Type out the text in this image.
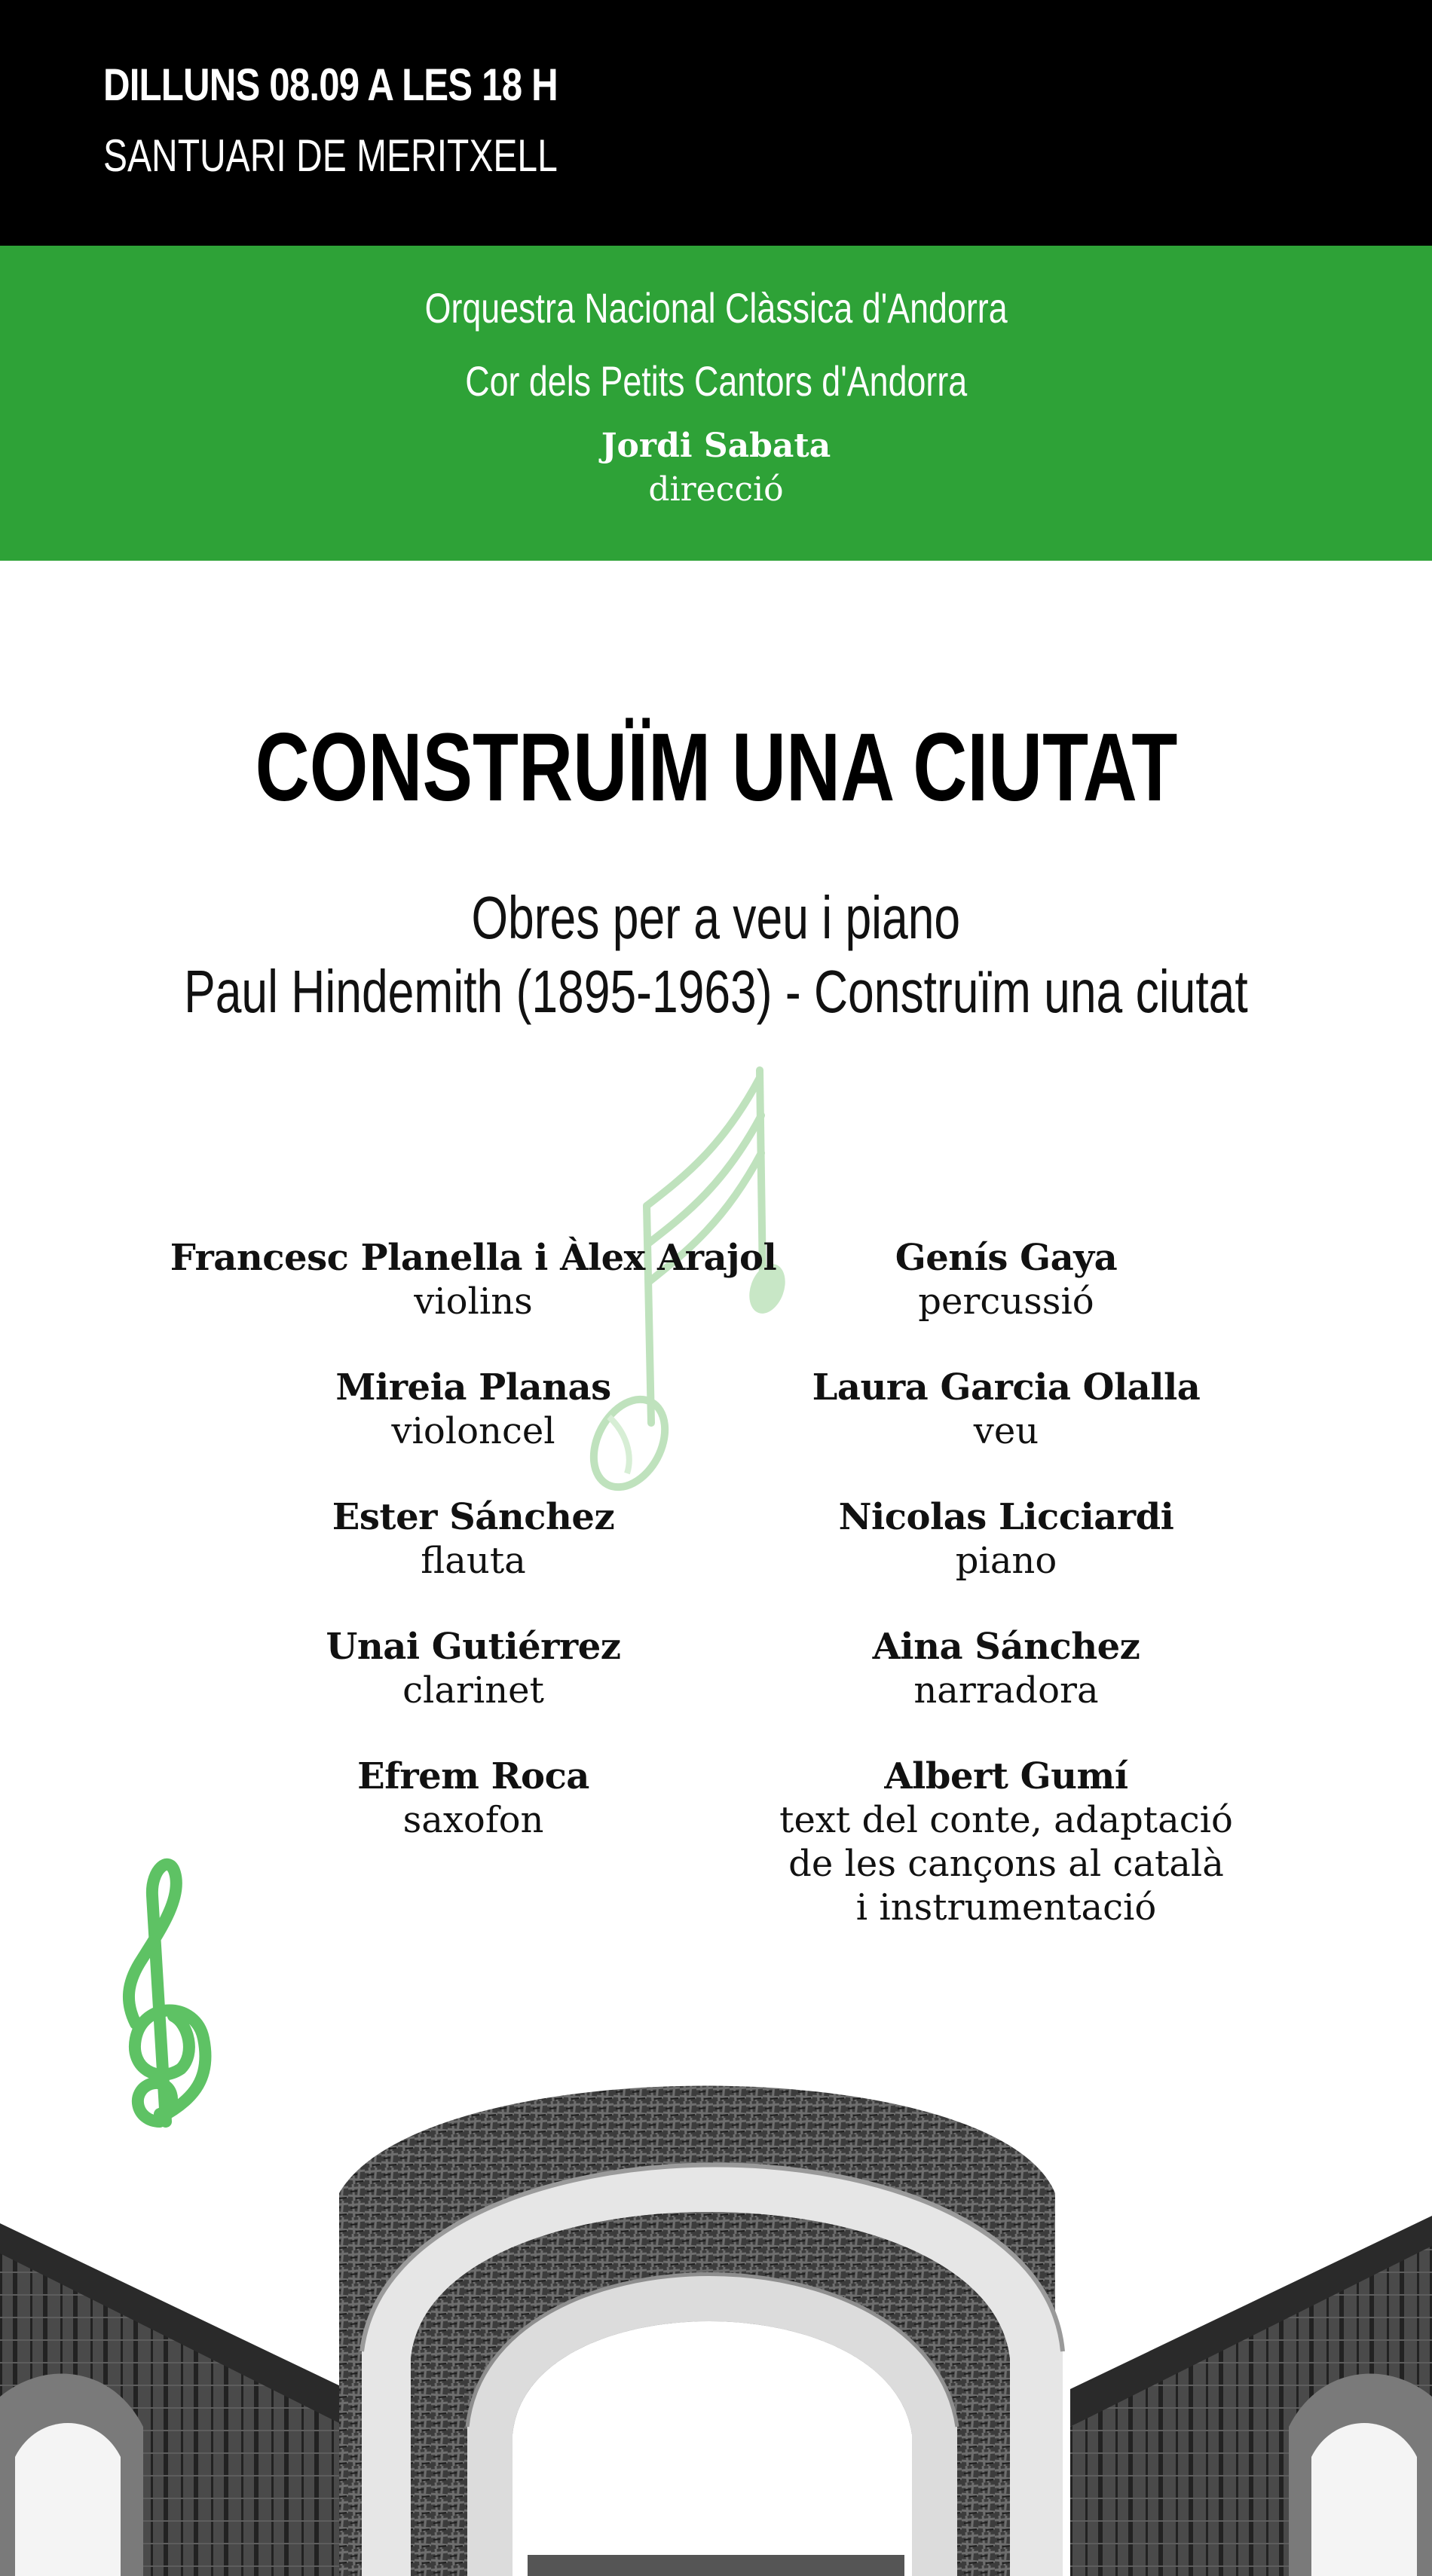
DILLUNS 08.09 A LES 18 H
SANTUARI DE MERITXELL
Orquestra Nacional Clàssica d'Andorra
Cor dels Petits Cantors d'Andorra
Jordi Sabata
direcció
CONSTRUÏM UNA CIUTAT
Obres per a veu i piano
Paul Hindemith (1895-1963) - Construïm una ciutat
Francesc Planella i Àlex Arajol
violins
Mireia Planas
violoncel
Ester Sánchez
flauta
Unai Gutiérrez
clarinet
Efrem Roca
saxofon
Genís Gaya
percussió
Laura Garcia Olalla
veu
Nicolas Licciardi
piano
Aina Sánchez
narradora
Albert Gumí
text del conte, adaptació
de les cançons al català
i instrumentació
